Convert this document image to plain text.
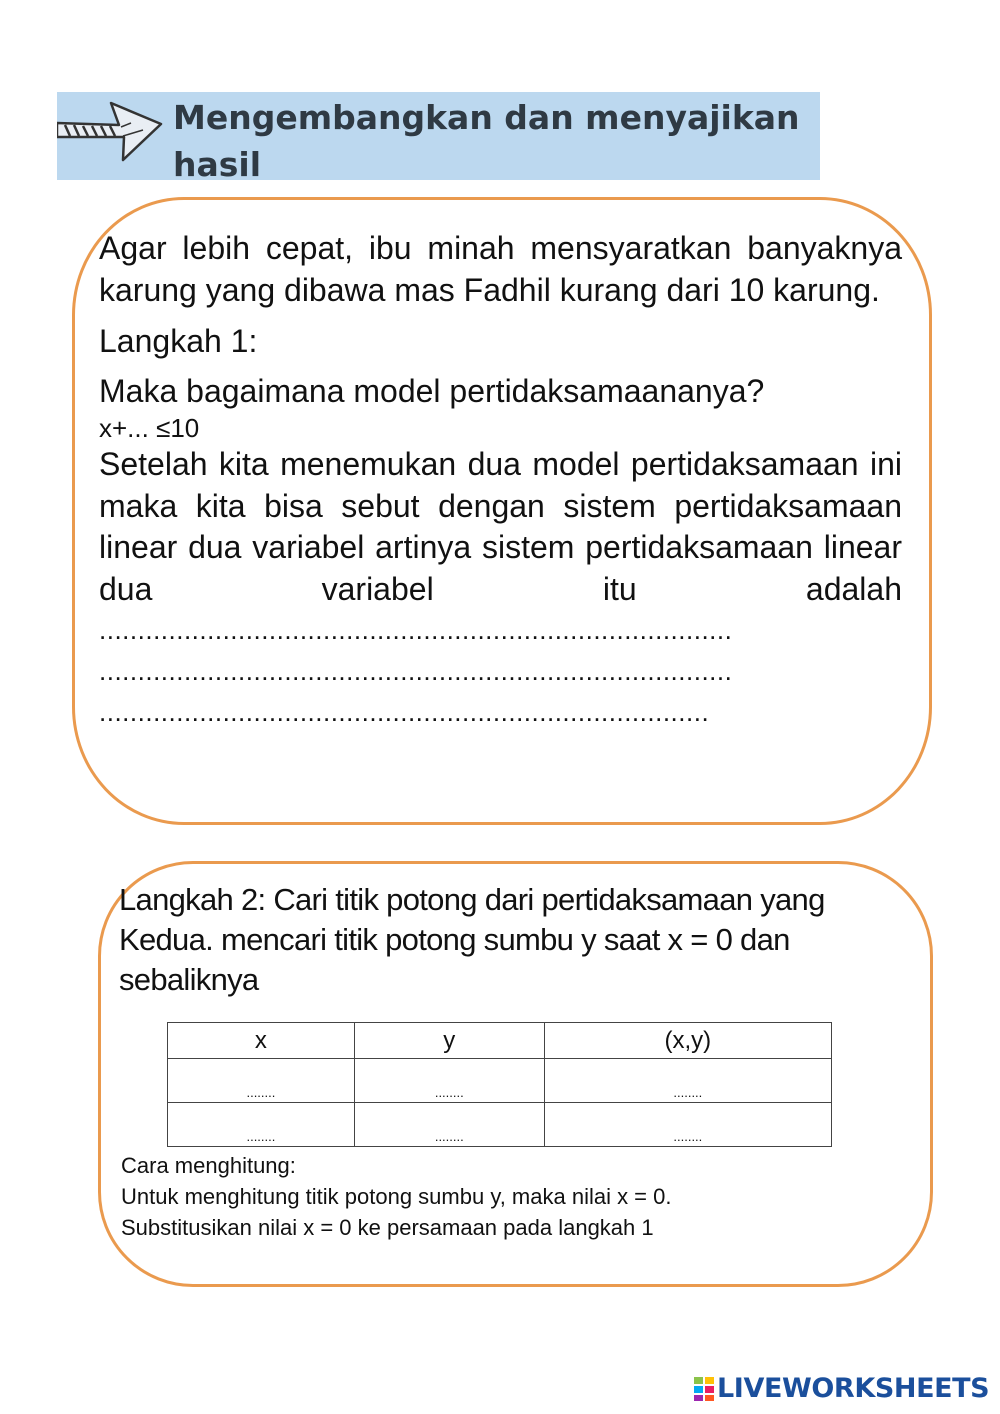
Mengembangkan dan menyajikan
hasil

Agar lebih cepat, ibu minah mensyaratkan banyaknya karung yang dibawa mas Fadhil kurang dari 10 karung.

Langkah 1:

Maka bagaimana model pertidaksamaananya?

x+... ≤10

Setelah kita menemukan dua model pertidaksamaan ini maka kita bisa sebut dengan sistem pertidaksamaan linear dua variabel artinya sistem pertidaksamaan linear dua variabel itu adalah

..................................................................................

..................................................................................

...............................................................................

Langkah 2: Cari titik potong dari pertidaksamaan yang
Kedua. mencari titik potong sumbu y saat x = 0 dan
sebaliknya
x	y	(x,y)
........	........	........
........	........	........
Cara menghitung:
Untuk menghitung titik potong sumbu y, maka nilai x = 0.
Substitusikan nilai x = 0 ke persamaan pada langkah 1
LIVEWORKSHEETS
